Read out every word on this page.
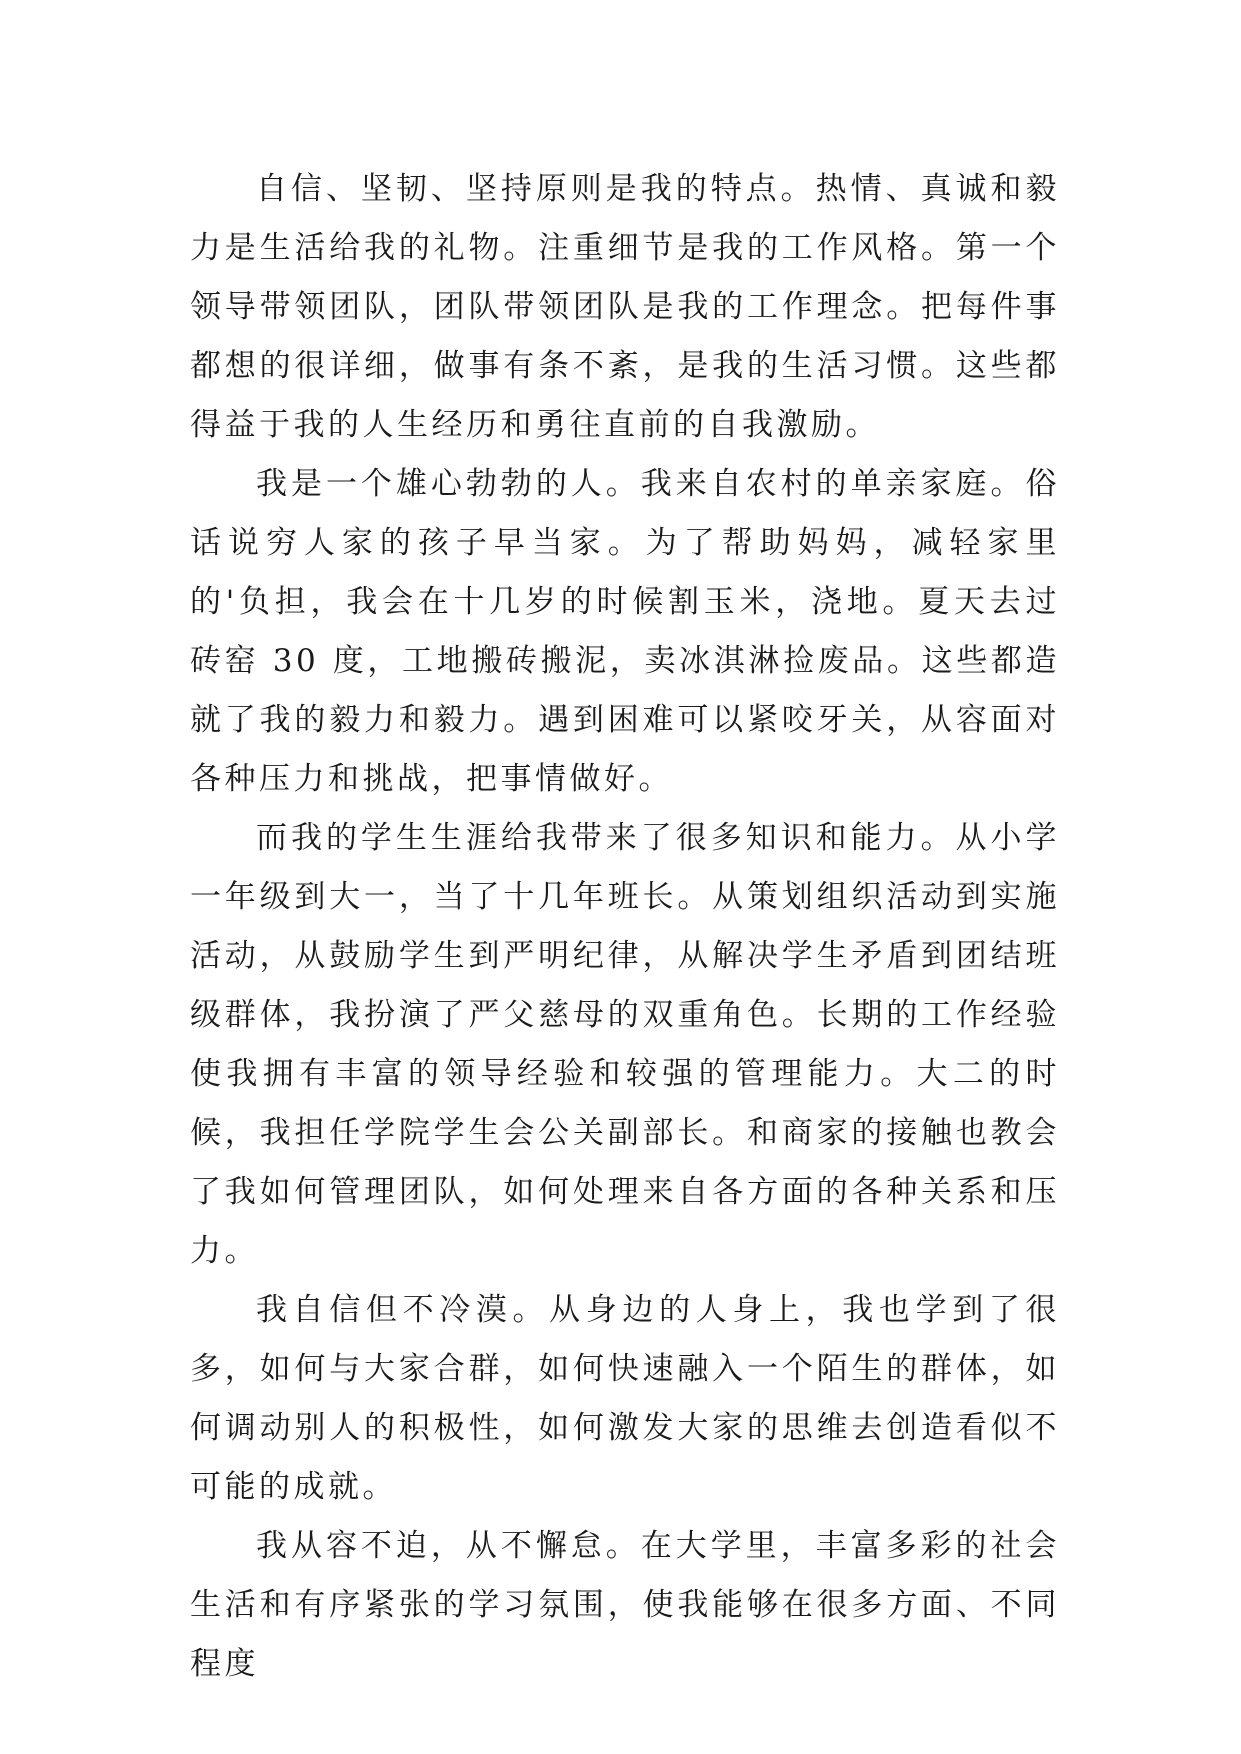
自信、坚韧、坚持原则是我的特点。热情、真诚和毅力是生活给我的礼物。注重细节是我的工作风格。第一个领导带领团队，团队带领团队是我的工作理念。把每件事都想的很详细，做事有条不紊，是我的生活习惯。这些都得益于我的人生经历和勇往直前的自我激励。

我是一个雄心勃勃的人。我来自农村的单亲家庭。俗话说穷人家的孩子早当家。为了帮助妈妈，减轻家里的'负担，我会在十几岁的时候割玉米，浇地。夏天去过砖窑 30 度，工地搬砖搬泥，卖冰淇淋捡废品。这些都造就了我的毅力和毅力。遇到困难可以紧咬牙关，从容面对各种压力和挑战，把事情做好。

而我的学生生涯给我带来了很多知识和能力。从小学一年级到大一，当了十几年班长。从策划组织活动到实施活动，从鼓励学生到严明纪律，从解决学生矛盾到团结班级群体，我扮演了严父慈母的双重角色。长期的工作经验使我拥有丰富的领导经验和较强的管理能力。大二的时候，我担任学院学生会公关副部长。和商家的接触也教会了我如何管理团队，如何处理来自各方面的各种关系和压力。

我自信但不冷漠。从身边的人身上，我也学到了很多，如何与大家合群，如何快速融入一个陌生的群体，如何调动别人的积极性，如何激发大家的思维去创造看似不可能的成就。

我从容不迫，从不懈怠。在大学里，丰富多彩的社会生活和有序紧张的学习氛围，使我能够在很多方面、不同程度
